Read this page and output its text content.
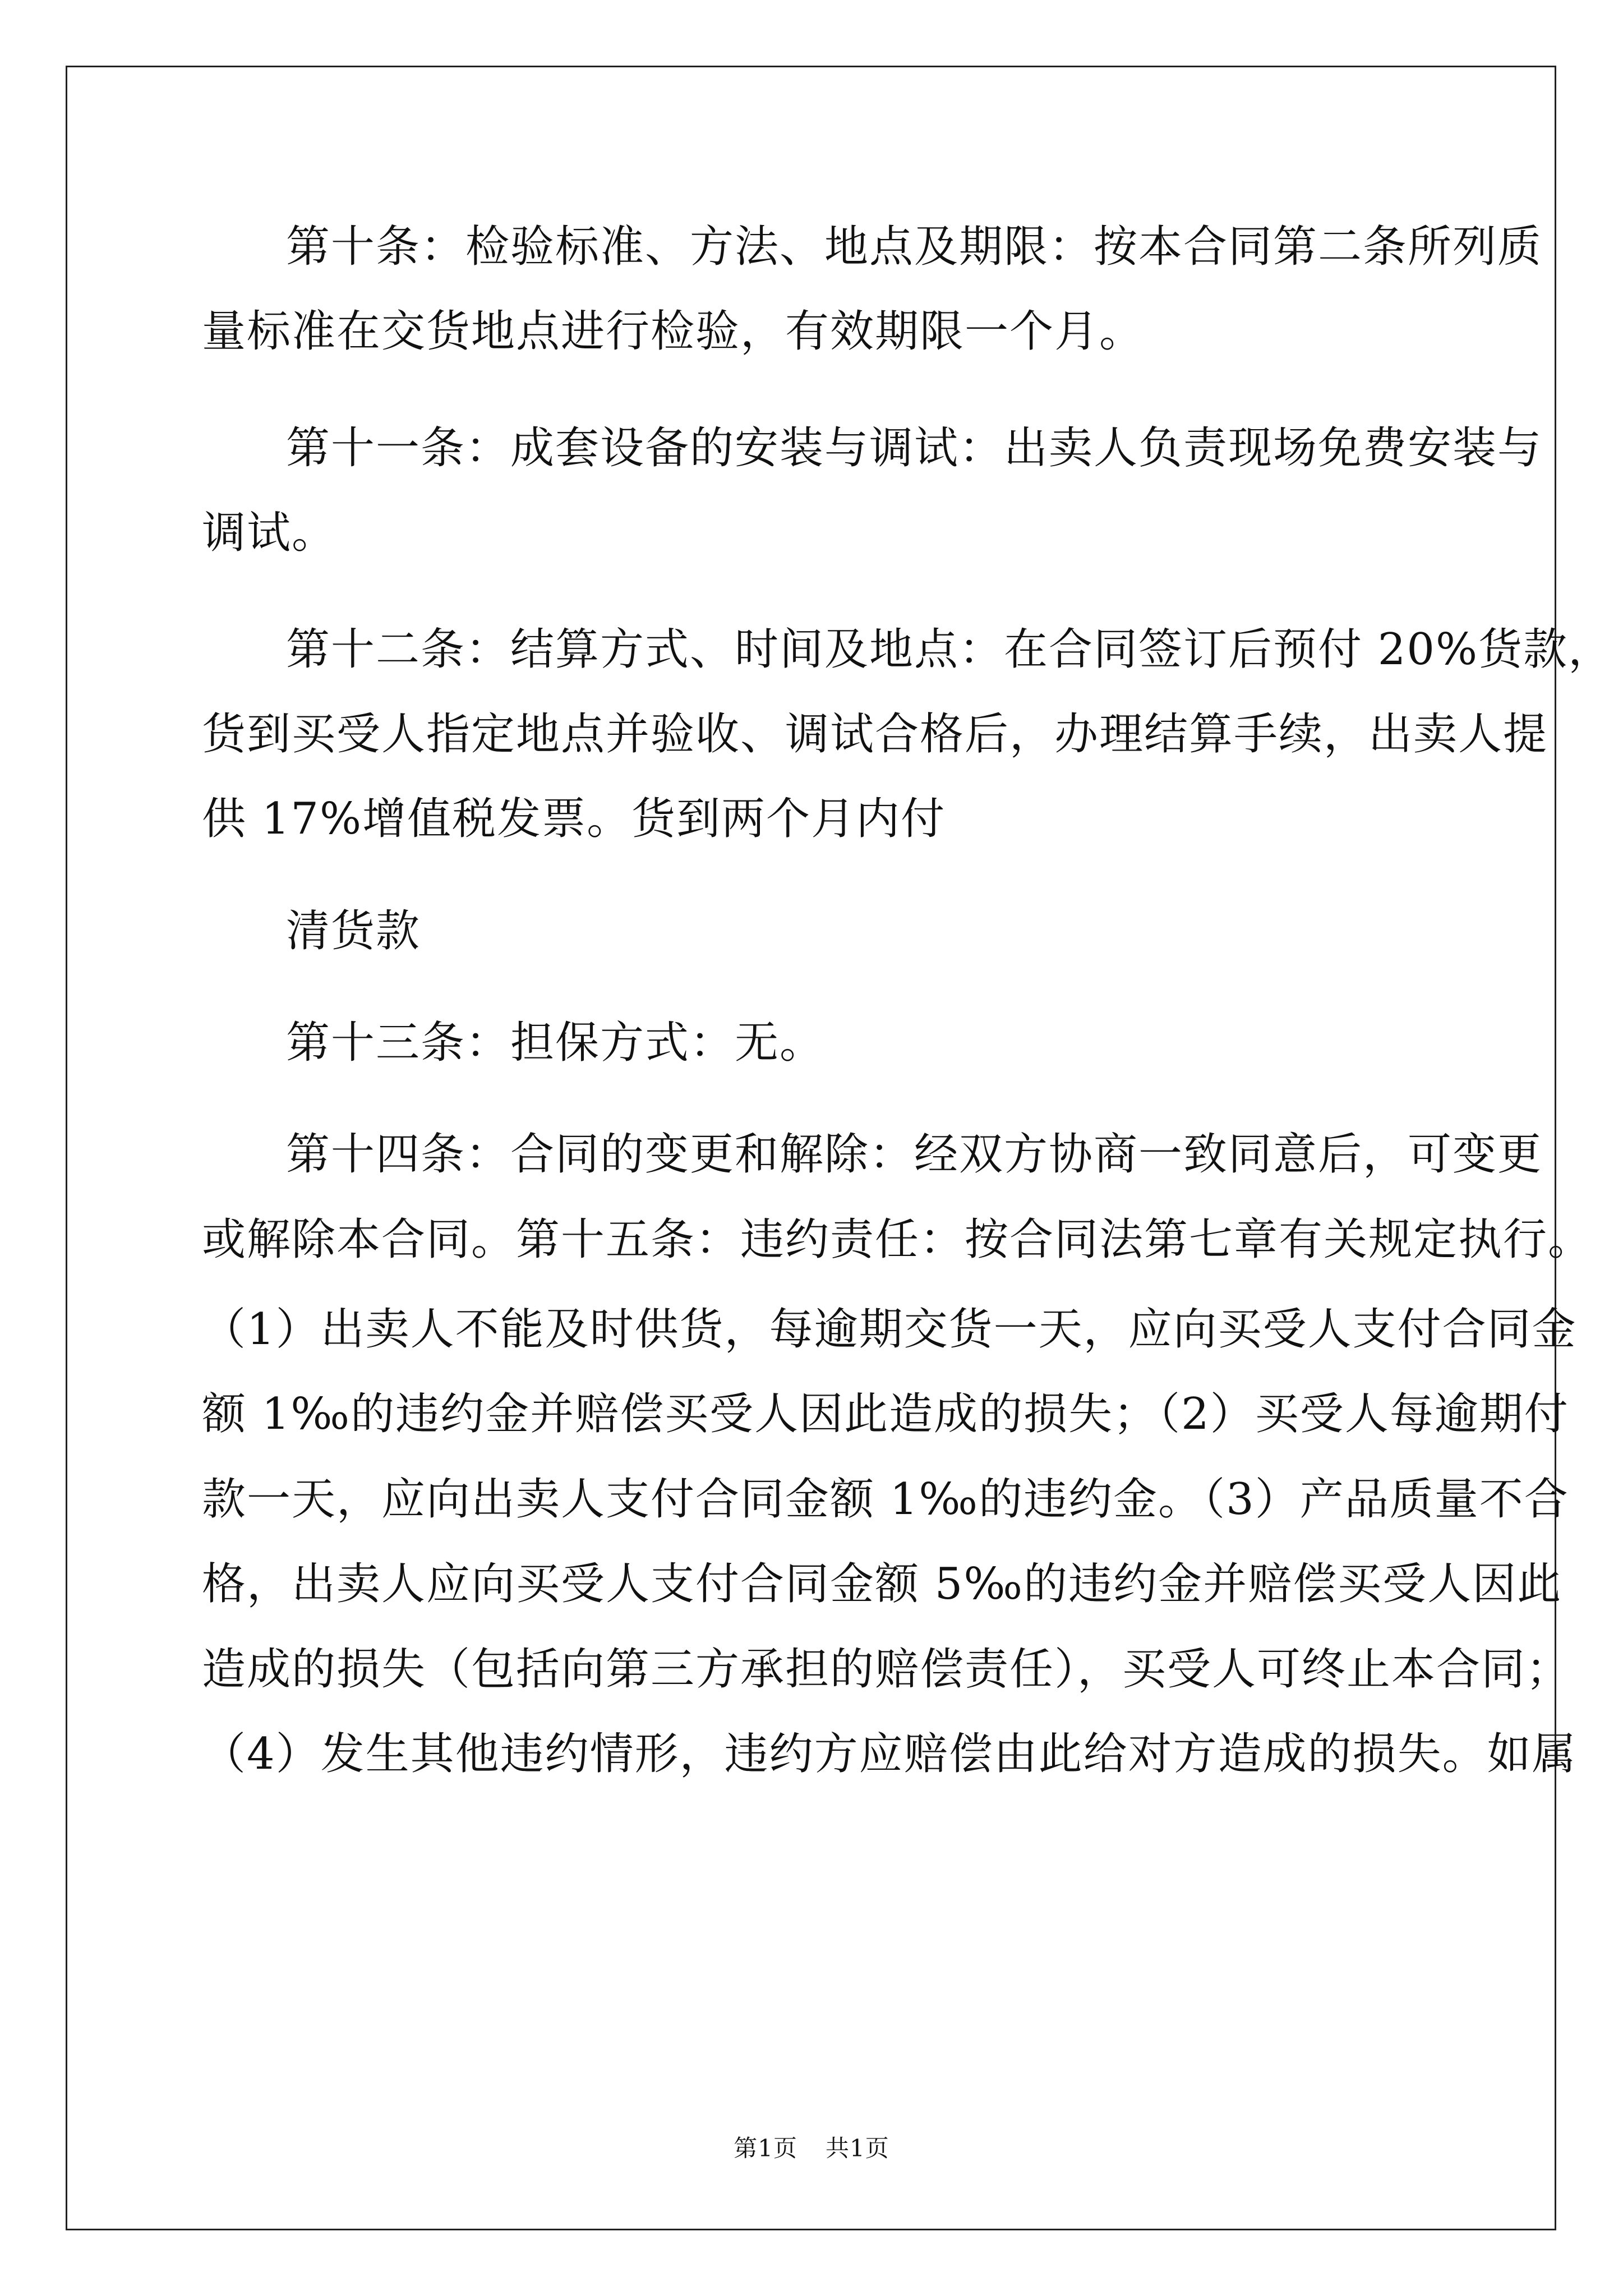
第十条：检验标准、方法、地点及期限：按本合同第二条所列质
量标准在交货地点进行检验，有效期限一个月。
第十一条：成套设备的安装与调试：出卖人负责现场免费安装与
调试。
第十二条：结算方式、时间及地点：在合同签订后预付 20%货款，
货到买受人指定地点并验收、调试合格后，办理结算手续，出卖人提
供 17%增值税发票。货到两个月内付
清货款
第十三条：担保方式：无。
第十四条：合同的变更和解除：经双方协商一致同意后，可变更
或解除本合同。第十五条：违约责任：按合同法第七章有关规定执行。
（1）出卖人不能及时供货，每逾期交货一天，应向买受人支付合同金
额 1‰的违约金并赔偿买受人因此造成的损失；（2）买受人每逾期付
款一天，应向出卖人支付合同金额 1‰的违约金。（3）产品质量不合
格，出卖人应向买受人支付合同金额 5‰的违约金并赔偿买受人因此
造成的损失（包括向第三方承担的赔偿责任），买受人可终止本合同；
（4）发生其他违约情形，违约方应赔偿由此给对方造成的损失。如属
第1页 共1页
